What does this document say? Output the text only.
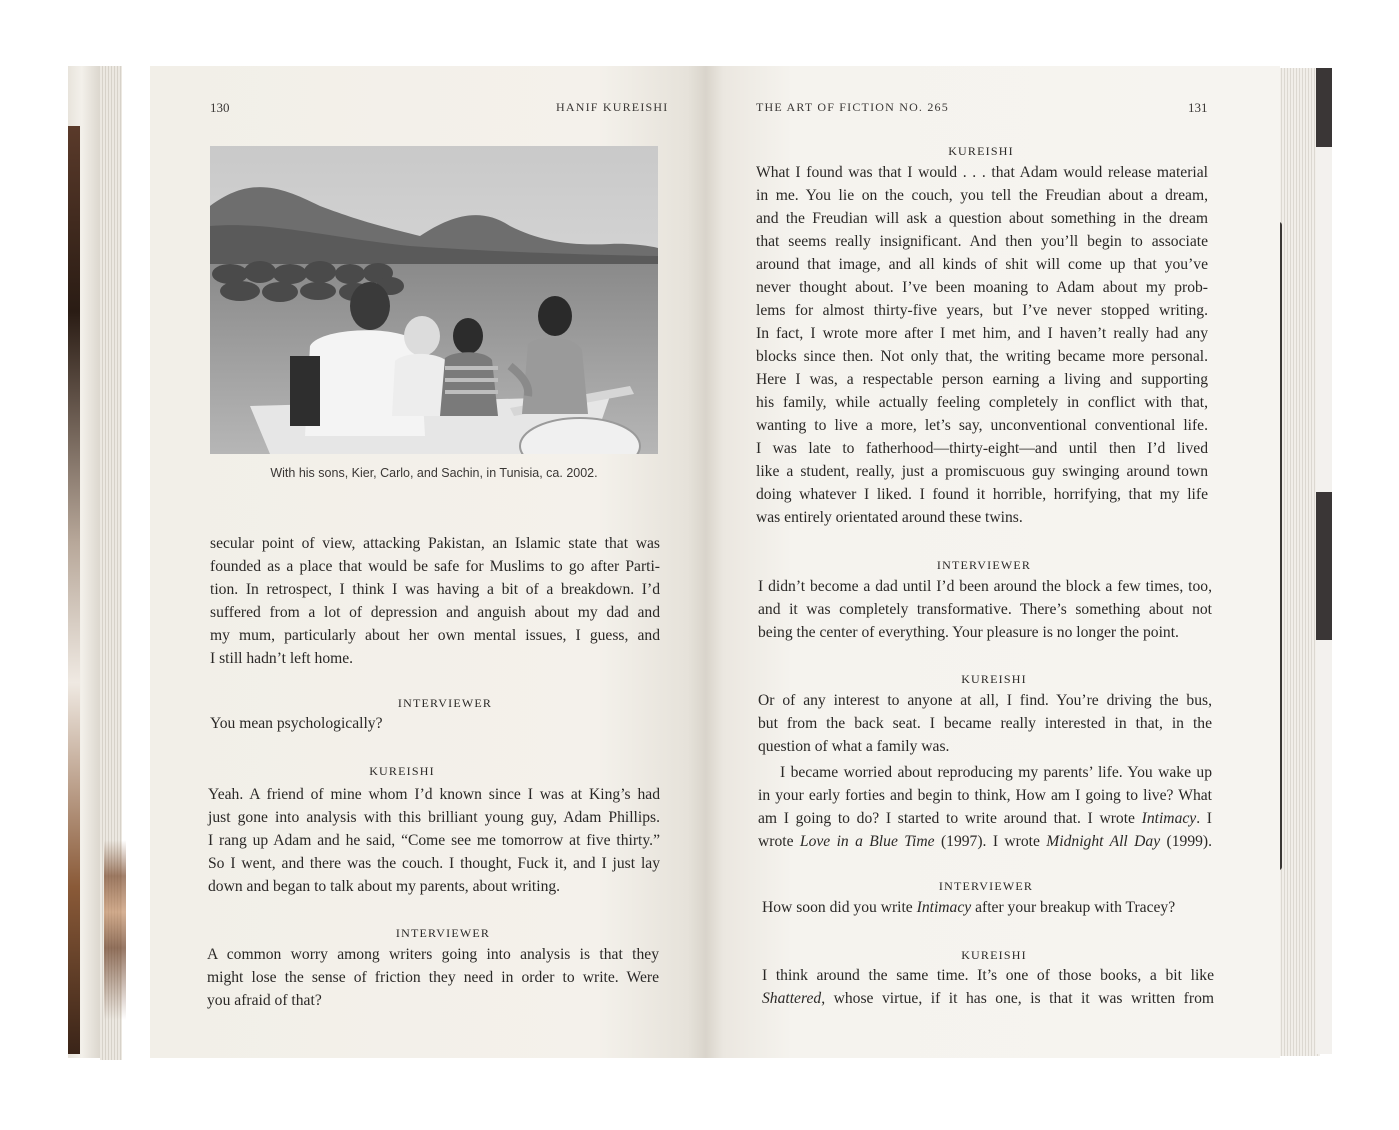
130	HANIF KUREISHI
With his sons, Kier, Carlo, and Sachin, in Tunisia, ca. 2002.
secular point of view, attacking Pakistan, an Islamic state that was
founded as a place that would be safe for Muslims to go after Parti-
tion. In retrospect, I think I was having a bit of a breakdown. I’d
suffered from a lot of depression and anguish about my dad and
my mum, particularly about her own mental issues, I guess, and
I still hadn’t left home.
INTERVIEWER
You mean psychologically?
KUREISHI
Yeah. A friend of mine whom I’d known since I was at King’s had
just gone into analysis with this brilliant young guy, Adam Phillips.
I rang up Adam and he said, “Come see me tomorrow at five thirty.”
So I went, and there was the couch. I thought, Fuck it, and I just lay
down and began to talk about my parents, about writing.
INTERVIEWER
A common worry among writers going into analysis is that they
might lose the sense of friction they need in order to write. Were
you afraid of that?
THE ART OF FICTION NO. 265	131
KUREISHI
What I found was that I would . . . that Adam would release material
in me. You lie on the couch, you tell the Freudian about a dream,
and the Freudian will ask a question about something in the dream
that seems really insignificant. And then you’ll begin to associate
around that image, and all kinds of shit will come up that you’ve
never thought about. I’ve been moaning to Adam about my prob-
lems for almost thirty-five years, but I’ve never stopped writing.
In fact, I wrote more after I met him, and I haven’t really had any
blocks since then. Not only that, the writing became more personal.
Here I was, a respectable person earning a living and supporting
his family, while actually feeling completely in conflict with that,
wanting to live a more, let’s say, unconventional conventional life.
I was late to fatherhood—thirty-eight—and until then I’d lived
like a student, really, just a promiscuous guy swinging around town
doing whatever I liked. I found it horrible, horrifying, that my life
was entirely orientated around these twins.
INTERVIEWER
I didn’t become a dad until I’d been around the block a few times, too,
and it was completely transformative. There’s something about not
being the center of everything. Your pleasure is no longer the point.
KUREISHI
Or of any interest to anyone at all, I find. You’re driving the bus,
but from the back seat. I became really interested in that, in the
question of what a family was.
I became worried about reproducing my parents’ life. You wake up
in your early forties and begin to think, How am I going to live? What
am I going to do? I started to write around that. I wrote Intimacy. I
wrote Love in a Blue Time (1997). I wrote Midnight All Day (1999).
INTERVIEWER
How soon did you write Intimacy after your breakup with Tracey?
KUREISHI
I think around the same time. It’s one of those books, a bit like
Shattered, whose virtue, if it has one, is that it was written from
